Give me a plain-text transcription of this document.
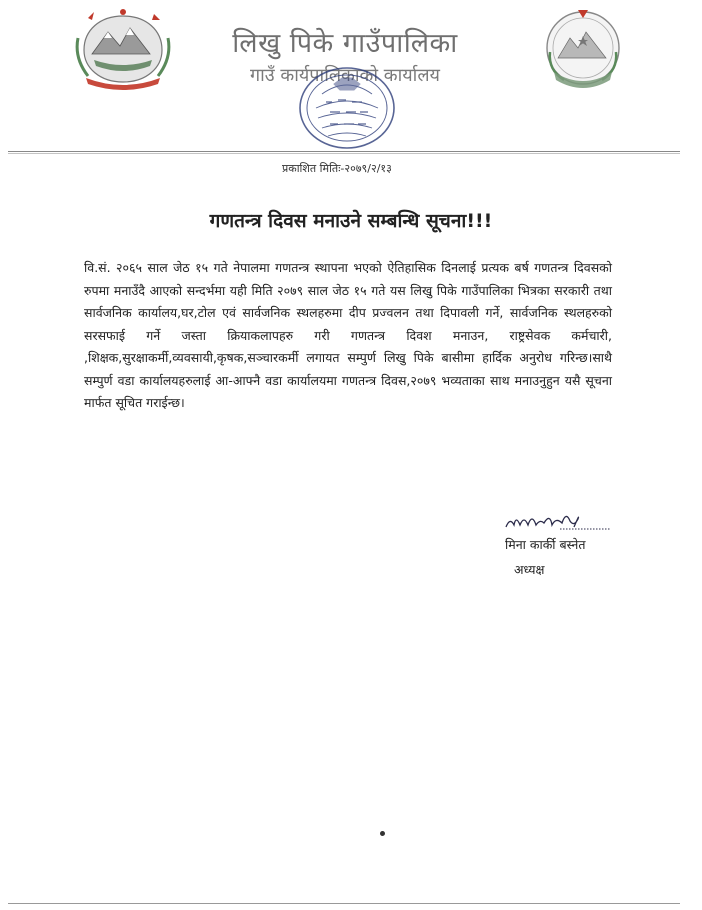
लिखु पिके गाउँपालिका
गाउँ कार्यपालिकाको कार्यालय
प्रकाशित मितिः-२०७९/२/१३
गणतन्त्र दिवस मनाउने सम्बन्धि सूचना!!!
वि.सं. २०६५ साल जेठ १५ गते नेपालमा गणतन्त्र स्थापना भएको ऐतिहासिक दिनलाई प्रत्यक बर्ष गणतन्त्र दिवसको रुपमा मनाउँदै आएको सन्दर्भमा यही मिति २०७९ साल जेठ १५ गते यस लिखु पिके गाउँपालिका भित्रका सरकारी तथा सार्वजनिक कार्यालय,घर,टोल एवं सार्वजनिक स्थलहरुमा दीप प्रज्वलन तथा दिपावली गर्ने, सार्वजनिक स्थलहरुको सरसफाई गर्ने जस्ता क्रियाकलापहरु गरी गणतन्त्र दिवश मनाउन, राष्ट्रसेवक कर्मचारी, ,शिक्षक,सुरक्षाकर्मी,व्यवसायी,कृषक,सञ्चारकर्मी लगायत सम्पुर्ण लिखु पिके बासीमा हार्दिक अनुरोध गरिन्छ।साथै सम्पुर्ण वडा कार्यालयहरुलाई आ-आफ्नै वडा कार्यालयमा गणतन्त्र दिवस,२०७९ भव्यताका साथ मनाउनुहुन यसै सूचना मार्फत सूचित गराईन्छ।
मिना कार्की बस्नेत
अध्यक्ष
